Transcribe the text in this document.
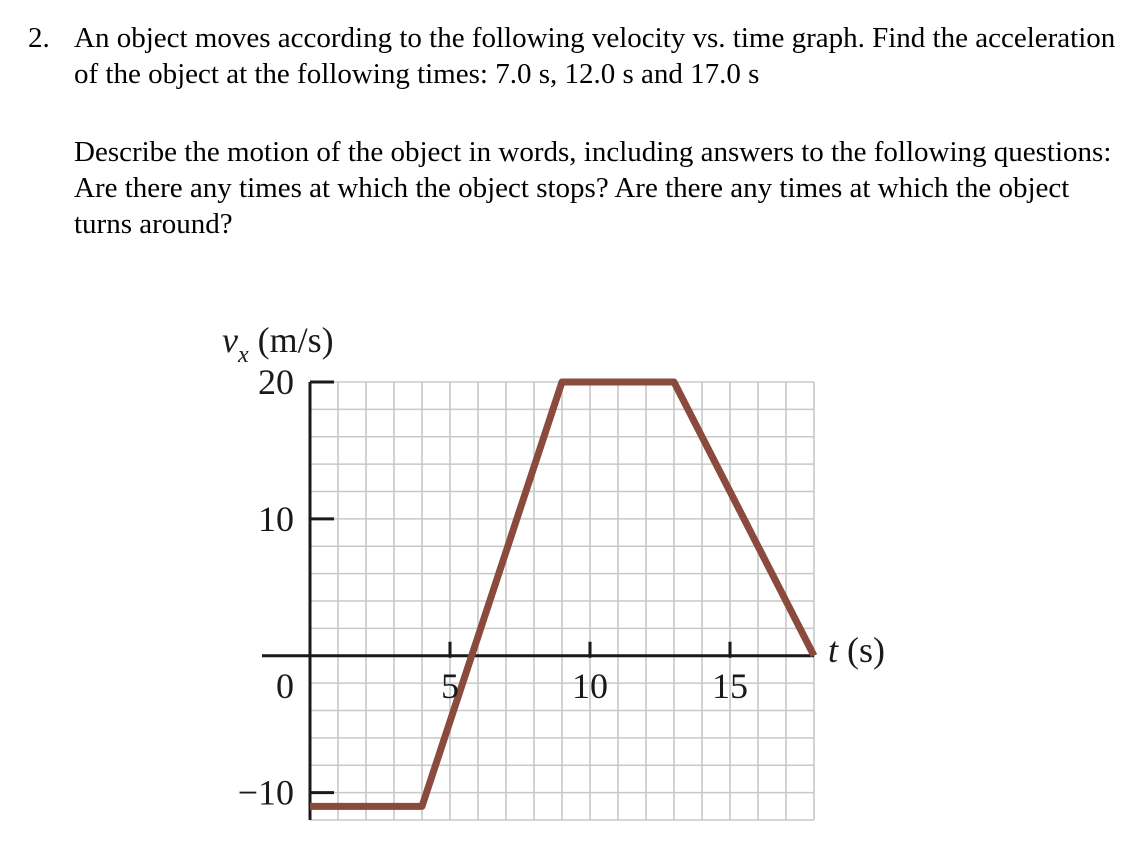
2. An object moves according to the following velocity vs. time graph. Find the acceleration of the object at the following times: 7.0 s, 12.0 s and 17.0 s
Describe the motion of the object in words, including answers to the following questions: Are there any times at which the object stops? Are there any times at which the object turns around?
20
10
0
−10
5	10	15
$v_x$ (m/s)
t (s)
